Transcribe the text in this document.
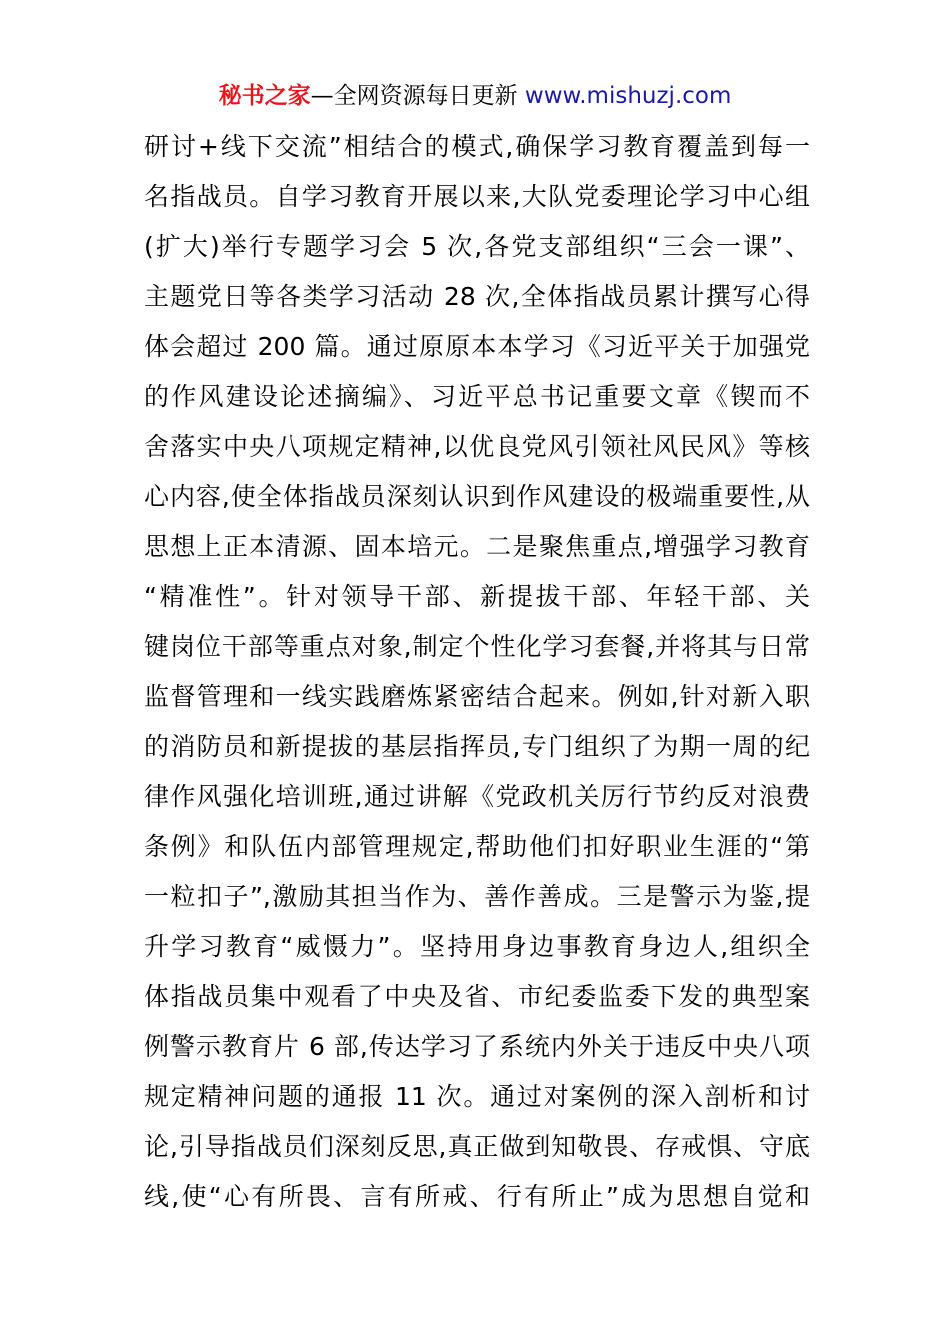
秘书之家—全网资源每日更新 www.mishuzj.com
研讨+线下交流”相结合的模式,确保学习教育覆盖到每一
名指战员。自学习教育开展以来,大队党委理论学习中心组
(扩大)举行专题学习会 5 次,各党支部组织“三会一课”、
主题党日等各类学习活动 28 次,全体指战员累计撰写心得
体会超过 200 篇。通过原原本本学习《习近平关于加强党
的作风建设论述摘编》、习近平总书记重要文章《锲而不
舍落实中央八项规定精神,以优良党风引领社风民风》等核
心内容,使全体指战员深刻认识到作风建设的极端重要性,从
思想上正本清源、固本培元。二是聚焦重点,增强学习教育
“精准性”。针对领导干部、新提拔干部、年轻干部、关
键岗位干部等重点对象,制定个性化学习套餐,并将其与日常
监督管理和一线实践磨炼紧密结合起来。例如,针对新入职
的消防员和新提拔的基层指挥员,专门组织了为期一周的纪
律作风强化培训班,通过讲解《党政机关厉行节约反对浪费
条例》和队伍内部管理规定,帮助他们扣好职业生涯的“第
一粒扣子”,激励其担当作为、善作善成。三是警示为鉴,提
升学习教育“威慑力”。坚持用身边事教育身边人,组织全
体指战员集中观看了中央及省、市纪委监委下发的典型案
例警示教育片 6 部,传达学习了系统内外关于违反中央八项
规定精神问题的通报 11 次。通过对案例的深入剖析和讨
论,引导指战员们深刻反思,真正做到知敬畏、存戒惧、守底
线,使“心有所畏、言有所戒、行有所止”成为思想自觉和
